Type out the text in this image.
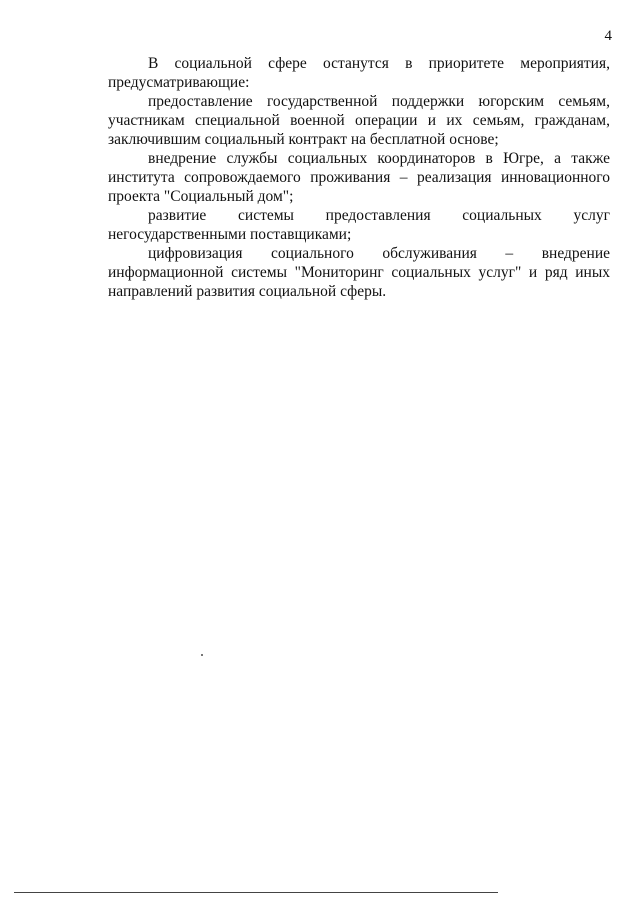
4

В социальной сфере останутся в приоритете мероприятия, предусматривающие:

предоставление государственной поддержки югорским семьям, участникам специальной военной операции и их семьям, гражданам, заключившим социальный контракт на бесплатной основе;

внедрение службы социальных координаторов в Югре, а также института сопровождаемого проживания – реализация инновационного проекта "Социальный дом";

развитие системы предоставления социальных услуг негосударственными поставщиками;

цифровизация социального обслуживания – внедрение информационной системы "Мониторинг социальных услуг" и ряд иных направлений развития социальной сферы.
